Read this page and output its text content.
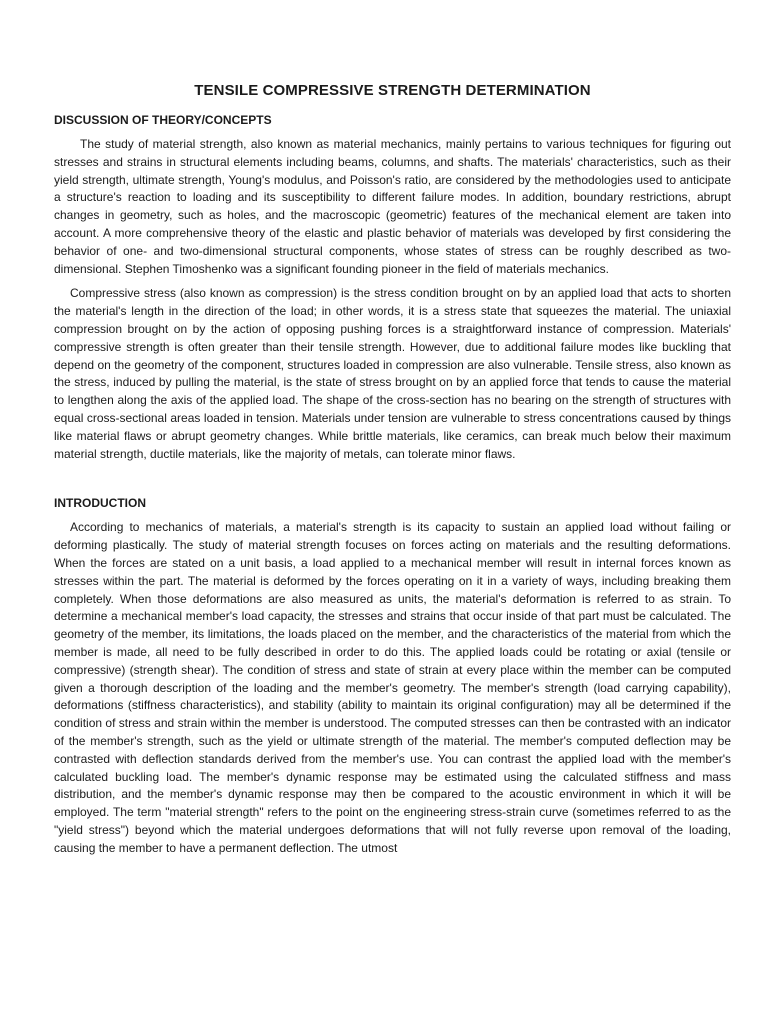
TENSILE COMPRESSIVE STRENGTH DETERMINATION
DISCUSSION OF THEORY/CONCEPTS

The study of material strength, also known as material mechanics, mainly pertains to various techniques for figuring out stresses and strains in structural elements including beams, columns, and shafts. The materials' characteristics, such as their yield strength, ultimate strength, Young's modulus, and Poisson's ratio, are considered by the methodologies used to anticipate a structure's reaction to loading and its susceptibility to different failure modes. In addition, boundary restrictions, abrupt changes in geometry, such as holes, and the macroscopic (geometric) features of the mechanical element are taken into account. A more comprehensive theory of the elastic and plastic behavior of materials was developed by first considering the behavior of one- and two-dimensional structural components, whose states of stress can be roughly described as two-dimensional. Stephen Timoshenko was a significant founding pioneer in the field of materials mechanics.

Compressive stress (also known as compression) is the stress condition brought on by an applied load that acts to shorten the material's length in the direction of the load; in other words, it is a stress state that squeezes the material. The uniaxial compression brought on by the action of opposing pushing forces is a straightforward instance of compression. Materials' compressive strength is often greater than their tensile strength. However, due to additional failure modes like buckling that depend on the geometry of the component, structures loaded in compression are also vulnerable. Tensile stress, also known as the stress, induced by pulling the material, is the state of stress brought on by an applied force that tends to cause the material to lengthen along the axis of the applied load. The shape of the cross-section has no bearing on the strength of structures with equal cross-sectional areas loaded in tension. Materials under tension are vulnerable to stress concentrations caused by things like material flaws or abrupt geometry changes. While brittle materials, like ceramics, can break much below their maximum material strength, ductile materials, like the majority of metals, can tolerate minor flaws.

INTRODUCTION

According to mechanics of materials, a material's strength is its capacity to sustain an applied load without failing or deforming plastically. The study of material strength focuses on forces acting on materials and the resulting deformations. When the forces are stated on a unit basis, a load applied to a mechanical member will result in internal forces known as stresses within the part. The material is deformed by the forces operating on it in a variety of ways, including breaking them completely. When those deformations are also measured as units, the material's deformation is referred to as strain. To determine a mechanical member's load capacity, the stresses and strains that occur inside of that part must be calculated. The geometry of the member, its limitations, the loads placed on the member, and the characteristics of the material from which the member is made, all need to be fully described in order to do this. The applied loads could be rotating or axial (tensile or compressive) (strength shear). The condition of stress and state of strain at every place within the member can be computed given a thorough description of the loading and the member's geometry. The member's strength (load carrying capability), deformations (stiffness characteristics), and stability (ability to maintain its original configuration) may all be determined if the condition of stress and strain within the member is understood. The computed stresses can then be contrasted with an indicator of the member's strength, such as the yield or ultimate strength of the material. The member's computed deflection may be contrasted with deflection standards derived from the member's use. You can contrast the applied load with the member's calculated buckling load. The member's dynamic response may be estimated using the calculated stiffness and mass distribution, and the member's dynamic response may then be compared to the acoustic environment in which it will be employed. The term "material strength" refers to the point on the engineering stress-strain curve (sometimes referred to as the "yield stress") beyond which the material undergoes deformations that will not fully reverse upon removal of the loading, causing the member to have a permanent deflection. The utmost
